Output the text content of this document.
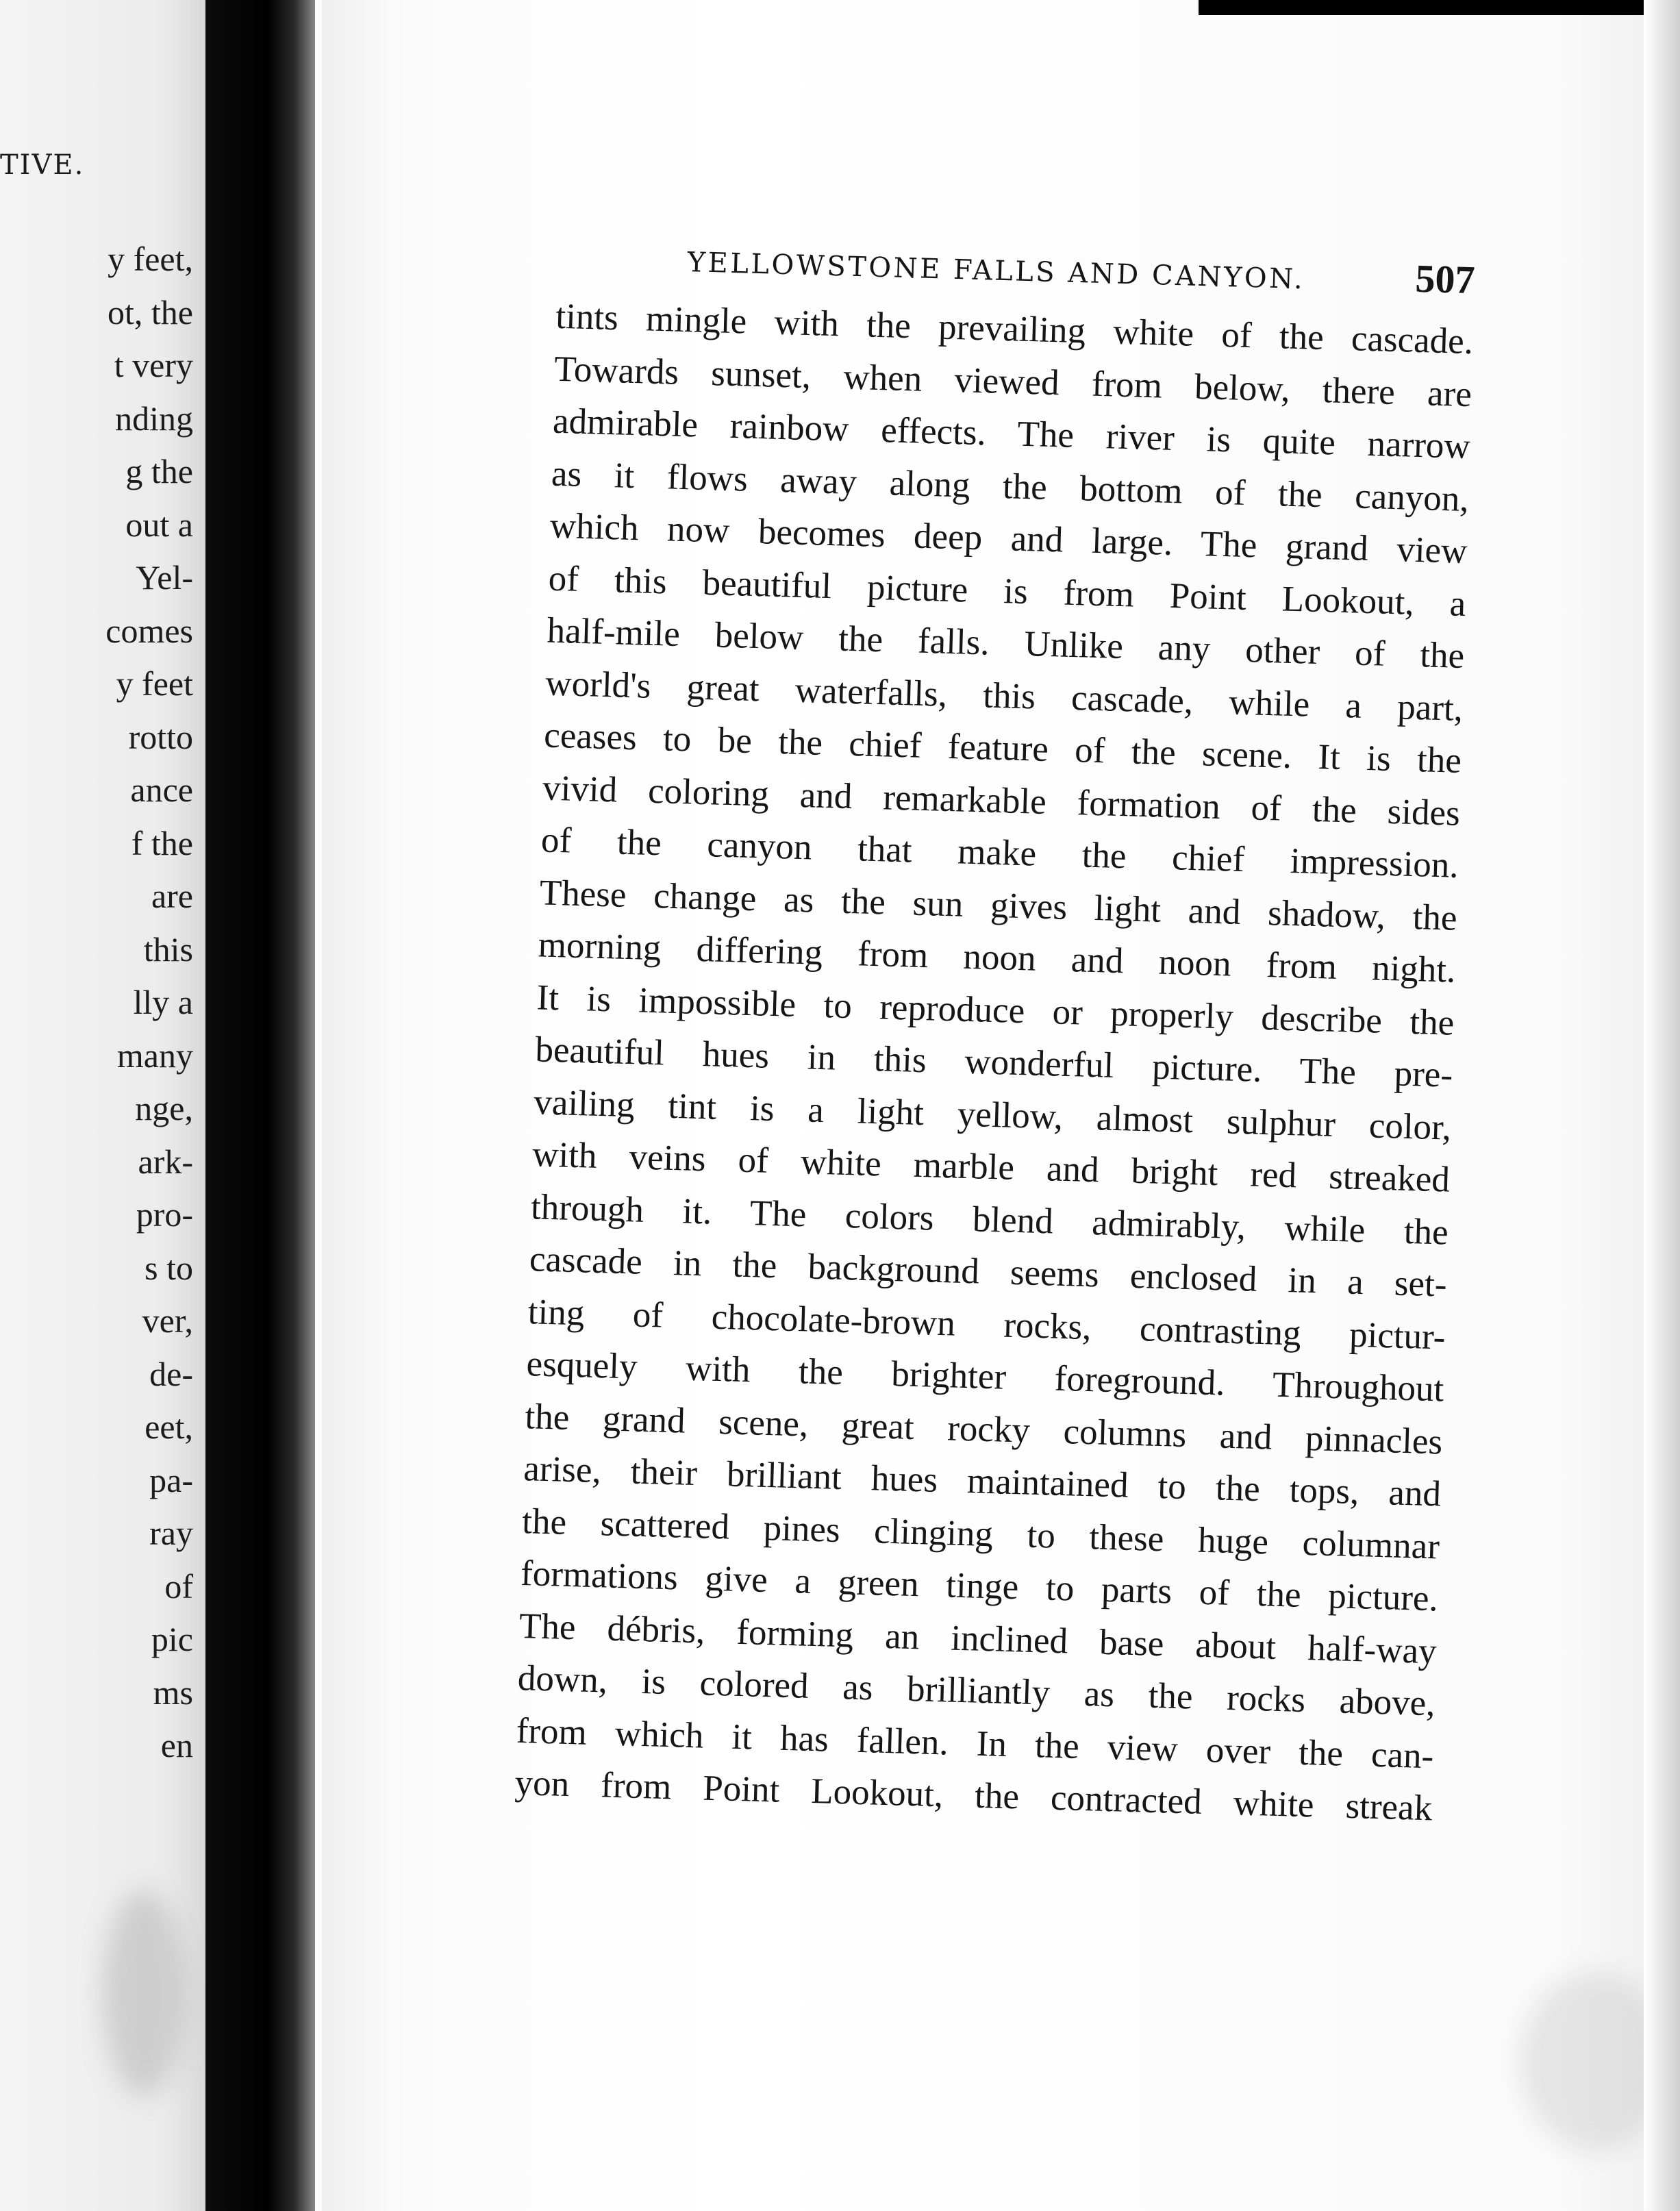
TIVE.

y feet,
ot, the
t very
nding
g the
out a
Yel-
comes
y feet
rotto
ance
f the
are
this
lly a
many
nge,
ark-
pro-
s to
ver,
de-
eet,
pa-
ray
of
pic
ms
en
YELLOWSTONE FALLS AND CANYON.	507
tints mingle with the prevailing white of the cascade.
Towards sunset, when viewed from below, there are
admirable rainbow effects. The river is quite narrow
as it flows away along the bottom of the canyon,
which now becomes deep and large. The grand view
of this beautiful picture is from Point Lookout, a
half-mile below the falls. Unlike any other of the
world's great waterfalls, this cascade, while a part,
ceases to be the chief feature of the scene. It is the
vivid coloring and remarkable formation of the sides
of the canyon that make the chief impression.
These change as the sun gives light and shadow, the
morning differing from noon and noon from night.
It is impossible to reproduce or properly describe the
beautiful hues in this wonderful picture. The pre-
vailing tint is a light yellow, almost sulphur color,
with veins of white marble and bright red streaked
through it. The colors blend admirably, while the
cascade in the background seems enclosed in a set-
ting of chocolate-brown rocks, contrasting pictur-
esquely with the brighter foreground. Throughout
the grand scene, great rocky columns and pinnacles
arise, their brilliant hues maintained to the tops, and
the scattered pines clinging to these huge columnar
formations give a green tinge to parts of the picture.
The débris, forming an inclined base about half-way
down, is colored as brilliantly as the rocks above,
from which it has fallen. In the view over the can-
yon from Point Lookout, the contracted white streak
